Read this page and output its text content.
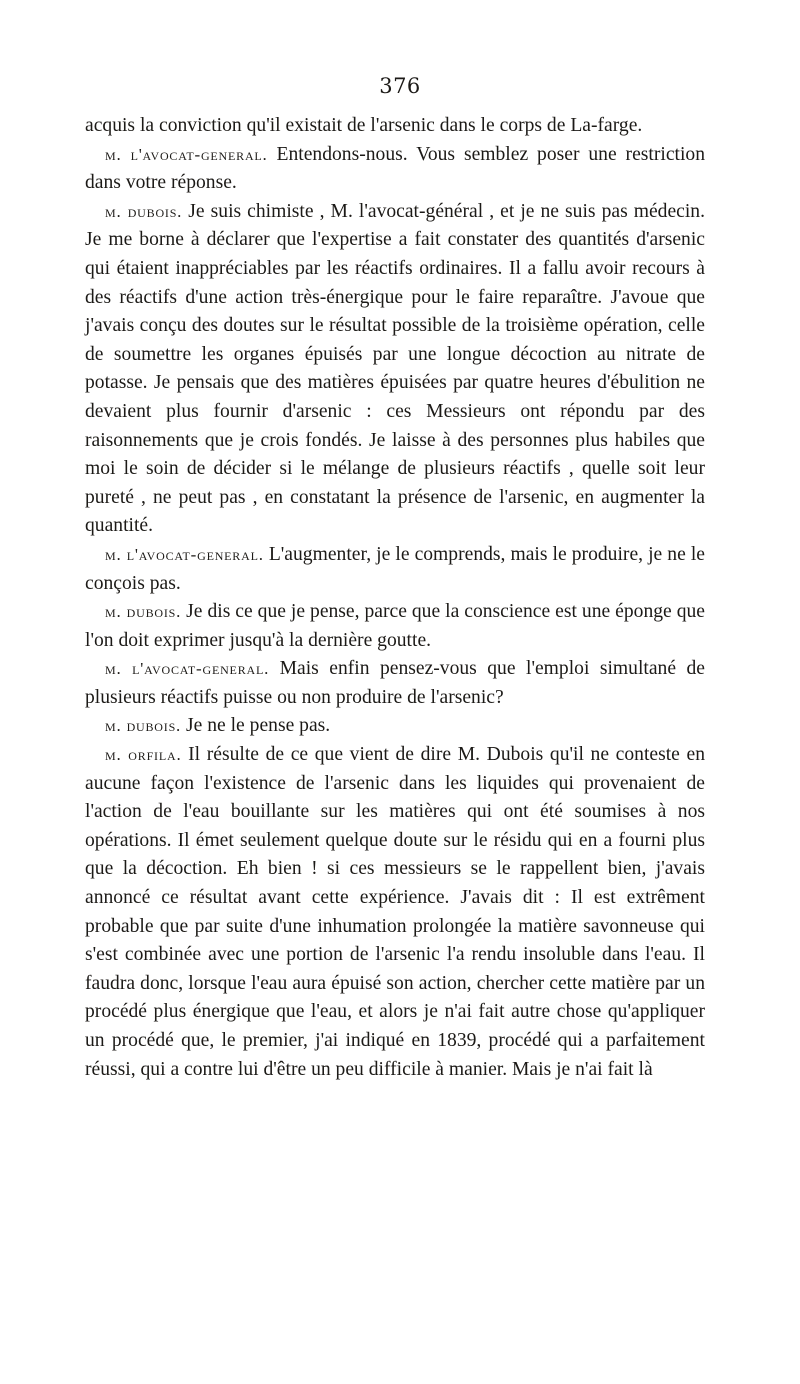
376

acquis la conviction qu'il existait de l'arsenic dans le corps de La-farge.

m. l'avocat-general. Entendons-nous. Vous semblez poser une restriction dans votre réponse.

m. dubois. Je suis chimiste , M. l'avocat-général , et je ne suis pas médecin. Je me borne à déclarer que l'expertise a fait constater des quantités d'arsenic qui étaient inappréciables par les réactifs ordinaires. Il a fallu avoir recours à des réactifs d'une action très-énergique pour le faire reparaître. J'avoue que j'avais conçu des doutes sur le résultat possible de la troisième opération, celle de soumettre les organes épuisés par une longue décoction au nitrate de potasse. Je pensais que des matières épuisées par quatre heures d'ébulition ne devaient plus fournir d'arsenic : ces Messieurs ont répondu par des raisonnements que je crois fondés. Je laisse à des personnes plus habiles que moi le soin de décider si le mélange de plusieurs réactifs , quelle soit leur pureté , ne peut pas , en constatant la présence de l'arsenic, en augmenter la quantité.

m. l'avocat-general. L'augmenter, je le comprends, mais le produire, je ne le conçois pas.

m. dubois. Je dis ce que je pense, parce que la conscience est une éponge que l'on doit exprimer jusqu'à la dernière goutte.

m. l'avocat-general. Mais enfin pensez-vous que l'emploi simultané de plusieurs réactifs puisse ou non produire de l'arsenic?

m. dubois. Je ne le pense pas.

m. orfila. Il résulte de ce que vient de dire M. Dubois qu'il ne conteste en aucune façon l'existence de l'arsenic dans les liquides qui provenaient de l'action de l'eau bouillante sur les matières qui ont été soumises à nos opérations. Il émet seulement quelque doute sur le résidu qui en a fourni plus que la décoction. Eh bien ! si ces messieurs se le rappellent bien, j'avais annoncé ce résultat avant cette expérience. J'avais dit : Il est extrêment probable que par suite d'une inhumation prolongée la matière savonneuse qui s'est combinée avec une portion de l'arsenic l'a rendu insoluble dans l'eau. Il faudra donc, lorsque l'eau aura épuisé son action, chercher cette matière par un procédé plus énergique que l'eau, et alors je n'ai fait autre chose qu'appliquer un procédé que, le premier, j'ai indiqué en 1839, procédé qui a parfaitement réussi, qui a contre lui d'être un peu difficile à manier. Mais je n'ai fait là
